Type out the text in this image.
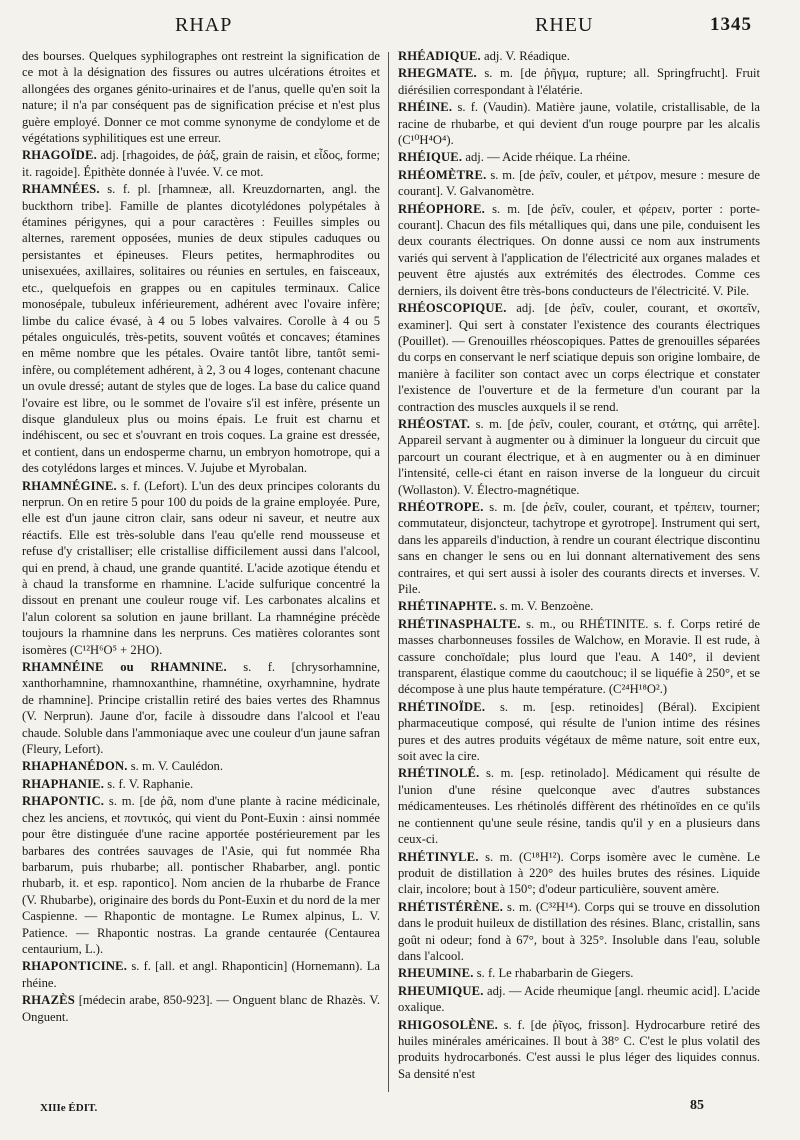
RHAP	RHEU	1345

des bourses. Quelques syphilographes ont restreint la signification de ce mot à la désignation des fissures ou autres ulcérations étroites et allongées des organes génito-urinaires et de l'anus, quelle qu'en soit la nature; il n'a par conséquent pas de signification précise et n'est plus guère employé. Donner ce mot comme synonyme de condylome et de végétations syphilitiques est une erreur.

RHAGOÏDE. adj. [rhagoides, de ῥάξ, grain de raisin, et εἶδος, forme; it. ragoide]. Épithète donnée à l'uvée. V. ce mot.

RHAMNÉES. s. f. pl. [rhamneæ, all. Kreuzdornarten, angl. the buckthorn tribe]. Famille de plantes dicotylédones polypétales à étamines périgynes, qui a pour caractères : Feuilles simples ou alternes, rarement opposées, munies de deux stipules caduques ou persistantes et épineuses. Fleurs petites, hermaphrodites ou unisexuées, axillaires, solitaires ou réunies en sertules, en faisceaux, etc., quelquefois en grappes ou en capitules terminaux. Calice monosépale, tubuleux inférieurement, adhérent avec l'ovaire infère; limbe du calice évasé, à 4 ou 5 lobes valvaires. Corolle à 4 ou 5 pétales onguiculés, très-petits, souvent voûtés et concaves; étamines en même nombre que les pétales. Ovaire tantôt libre, tantôt semi-infère, ou complétement adhérent, à 2, 3 ou 4 loges, contenant chacune un ovule dressé; autant de styles que de loges. La base du calice quand l'ovaire est libre, ou le sommet de l'ovaire s'il est infère, présente un disque glanduleux plus ou moins épais. Le fruit est charnu et indéhiscent, ou sec et s'ouvrant en trois coques. La graine est dressée, et contient, dans un endosperme charnu, un embryon homotrope, qui a des cotylédons larges et minces. V. Jujube et Myrobalan.

RHAMNÉGINE. s. f. (Lefort). L'un des deux principes colorants du nerprun. On en retire 5 pour 100 du poids de la graine employée. Pure, elle est d'un jaune citron clair, sans odeur ni saveur, et neutre aux réactifs. Elle est très-soluble dans l'eau qu'elle rend mousseuse et refuse d'y cristalliser; elle cristallise difficilement aussi dans l'alcool, qui en prend, à chaud, une grande quantité. L'acide azotique étendu et à chaud la transforme en rhamnine. L'acide sulfurique concentré la dissout en prenant une couleur rouge vif. Les carbonates alcalins et l'alun colorent sa solution en jaune brillant. La rhamnégine précède toujours la rhamnine dans les nerpruns. Ces matières colorantes sont isomères (C¹²H⁶O⁵ + 2HO).

RHAMNÉINE ou RHAMNINE. s. f. [chrysorhamnine, xanthorhamnine, rhamnoxanthine, rhamnétine, oxyrhamnine, hydrate de rhamnine]. Principe cristallin retiré des baies vertes des Rhamnus (V. Nerprun). Jaune d'or, facile à dissoudre dans l'alcool et l'eau chaude. Soluble dans l'ammoniaque avec une couleur d'un jaune safran (Fleury, Lefort).

RHAPHANÉDON. s. m. V. Caulédon.

RHAPHANIE. s. f. V. Raphanie.

RHAPONTIC. s. m. [de ῥᾶ, nom d'une plante à racine médicinale, chez les anciens, et ποντικός, qui vient du Pont-Euxin : ainsi nommée pour être distinguée d'une racine apportée postérieurement par les barbares des contrées sauvages de l'Asie, qui fut nommée Rha barbarum, puis rhubarbe; all. pontischer Rhabarber, angl. pontic rhubarb, it. et esp. rapontico]. Nom ancien de la rhubarbe de France (V. Rhubarbe), originaire des bords du Pont-Euxin et du nord de la mer Caspienne. — Rhapontic de montagne. Le Rumex alpinus, L. V. Patience. — Rhapontic nostras. La grande centaurée (Centaurea centaurium, L.).

RHAPONTICINE. s. f. [all. et angl. Rhaponticin] (Hornemann). La rhéine.

RHAZÈS [médecin arabe, 850-923]. — Onguent blanc de Rhazès. V. Onguent.

RHÉADIQUE. adj. V. Réadique.

RHEGMATE. s. m. [de ῥῆγμα, rupture; all. Springfrucht]. Fruit diérésilien correspondant à l'élatérie.

RHÉINE. s. f. (Vaudin). Matière jaune, volatile, cristallisable, de la racine de rhubarbe, et qui devient d'un rouge pourpre par les alcalis (C¹⁰H⁴O⁴).

RHÉIQUE. adj. — Acide rhéique. La rhéine.

RHÉOMÈTRE. s. m. [de ῥεῖν, couler, et μέτρον, mesure : mesure de courant]. V. Galvanomètre.

RHÉOPHORE. s. m. [de ῥεῖν, couler, et φέρειν, porter : porte-courant]. Chacun des fils métalliques qui, dans une pile, conduisent les deux courants électriques. On donne aussi ce nom aux instruments variés qui servent à l'application de l'électricité aux organes malades et peuvent être ajustés aux extrémités des électrodes. Comme ces derniers, ils doivent être très-bons conducteurs de l'électricité. V. Pile.

RHÉOSCOPIQUE. adj. [de ῥεῖν, couler, courant, et σκοπεῖν, examiner]. Qui sert à constater l'existence des courants électriques (Pouillet). — Grenouilles rhéoscopiques. Pattes de grenouilles séparées du corps en conservant le nerf sciatique depuis son origine lombaire, de manière à faciliter son contact avec un corps électrique et constater l'existence de l'ouverture et de la fermeture d'un courant par la contraction des muscles auxquels il se rend.

RHÉOSTAT. s. m. [de ῥεῖν, couler, courant, et στάτης, qui arrête]. Appareil servant à augmenter ou à diminuer la longueur du circuit que parcourt un courant électrique, et à en augmenter ou à en diminuer l'intensité, celle-ci étant en raison inverse de la longueur du circuit (Wollaston). V. Électro-magnétique.

RHÉOTROPE. s. m. [de ῥεῖν, couler, courant, et τρέπειν, tourner; commutateur, disjoncteur, tachytrope et gyrotrope]. Instrument qui sert, dans les appareils d'induction, à rendre un courant électrique discontinu sans en changer le sens ou en lui donnant alternativement des sens contraires, et qui sert aussi à isoler des courants directs et inverses. V. Pile.

RHÉTINAPHTE. s. m. V. Benzoène.

RHÉTINASPHALTE. s. m., ou RHÉTINITE. s. f. Corps retiré de masses charbonneuses fossiles de Walchow, en Moravie. Il est rude, à cassure conchoïdale; plus lourd que l'eau. A 140°, il devient transparent, élastique comme du caoutchouc; il se liquéfie à 250°, et se décompose à une plus haute température. (C²⁴H¹⁸O².)

RHÉTINOÏDE. s. m. [esp. retinoides] (Béral). Excipient pharmaceutique composé, qui résulte de l'union intime des résines pures et des autres produits végétaux de même nature, soit entre eux, soit avec la cire.

RHÉTINOLÉ. s. m. [esp. retinolado]. Médicament qui résulte de l'union d'une résine quelconque avec d'autres substances médicamenteuses. Les rhétinolés diffèrent des rhétinoïdes en ce qu'ils ne contiennent qu'une seule résine, tandis qu'il y en a plusieurs dans ceux-ci.

RHÉTINYLE. s. m. (C¹⁸H¹²). Corps isomère avec le cumène. Le produit de distillation à 220° des huiles brutes des résines. Liquide clair, incolore; bout à 150°; d'odeur particulière, souvent amère.

RHÉTISTÉRÈNE. s. m. (C³²H¹⁴). Corps qui se trouve en dissolution dans le produit huileux de distillation des résines. Blanc, cristallin, sans goût ni odeur; fond à 67°, bout à 325°. Insoluble dans l'eau, soluble dans l'alcool.

RHEUMINE. s. f. Le rhabarbarin de Giegers.

RHEUMIQUE. adj. — Acide rheumique [angl. rheumic acid]. L'acide oxalique.

RHIGOSOLÈNE. s. f. [de ῥῖγος, frisson]. Hydrocarbure retiré des huiles minérales américaines. Il bout à 38° C. C'est le plus volatil des produits hydrocarbonés. C'est aussi le plus léger des liquides connus. Sa densité n'est

XIIIe ÉDIT.	85
